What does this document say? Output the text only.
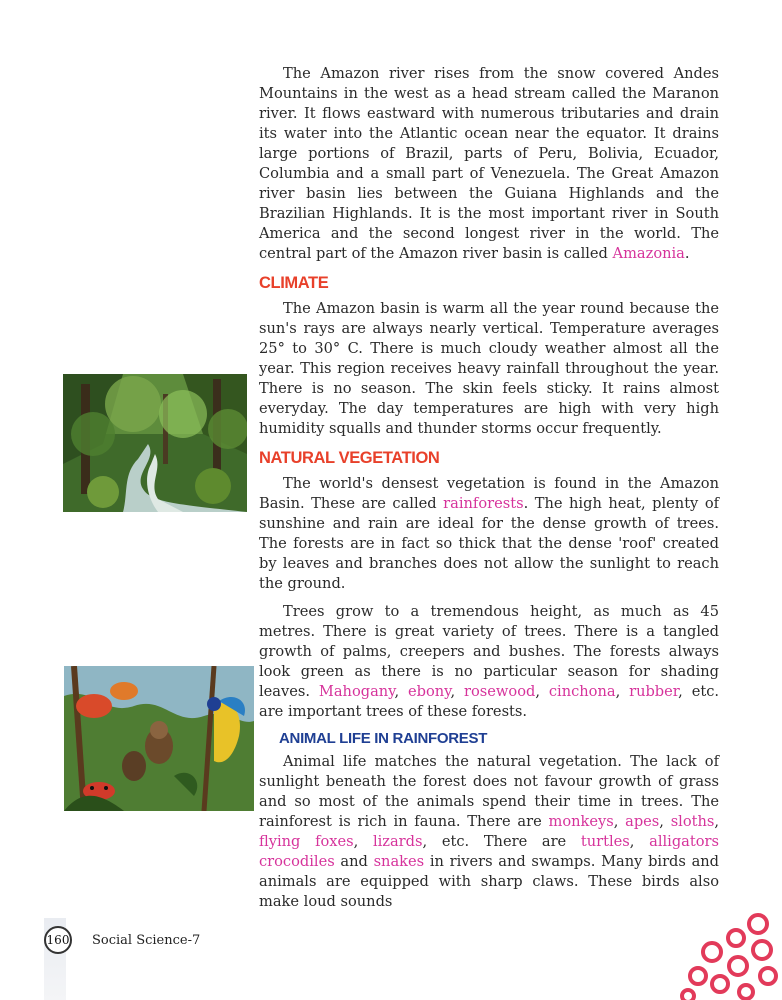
The Amazon river rises from the snow covered Andes Mountains in the west as a head stream called the Maranon river. It flows eastward with numerous tributaries and drain its water into the Atlantic ocean near the equator. It drains large portions of Brazil, parts of Peru, Bolivia, Ecuador, Columbia and a small part of Venezuela. The Great Amazon river basin lies between the Guiana Highlands and the Brazilian Highlands. It is the most important river in South America and the second longest river in the world. The central part of the Amazon river basin is called Amazonia.

CLIMATE

The Amazon basin is warm all the year round because the sun's rays are always nearly vertical. Temperature averages 25° to 30° C. There is much cloudy weather almost all the year. This region receives heavy rainfall throughout the year. There is no season. The skin feels sticky. It rains almost everyday. The day temperatures are high with very high humidity squalls and thunder storms occur frequently.

NATURAL VEGETATION

The world's densest vegetation is found in the Amazon Basin. These are called rainforests. The high heat, plenty of sunshine and rain are ideal for the dense growth of trees. The forests are in fact so thick that the dense 'roof' created by leaves and branches does not allow the sunlight to reach the ground.

Trees grow to a tremendous height, as much as 45 metres. There is great variety of trees. There is a tangled growth of palms, creepers and bushes. The forests always look green as there is no particular season for shading leaves. Mahogany, ebony, rosewood, cinchona, rubber, etc. are important trees of these forests.

ANIMAL LIFE IN RAINFOREST

Animal life matches the natural vegetation. The lack of sunlight beneath the forest does not favour growth of grass and so most of the animals spend their time in trees. The rainforest is rich in fauna. There are monkeys, apes, sloths, flying foxes, lizards, etc. There are turtles, alligators crocodiles and snakes in rivers and swamps. Many birds and animals are equipped with sharp claws. These birds also make loud sounds

160 Social Science-7
